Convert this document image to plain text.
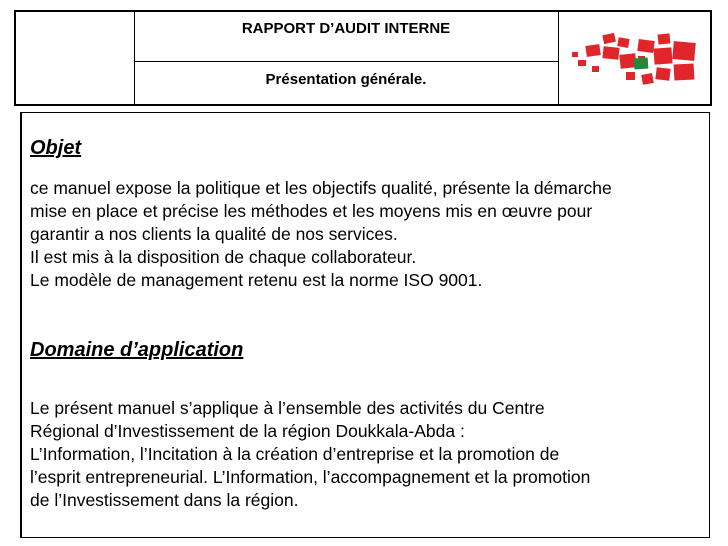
RAPPORT D’AUDIT INTERNE
Présentation générale.
Objet
ce manuel expose la politique et les objectifs qualité, présente la démarche
mise en place et précise les méthodes et les moyens mis en œuvre pour
garantir a nos clients la qualité de nos services.
Il est mis à la disposition de chaque collaborateur.
Le modèle de management retenu est la norme ISO 9001.
Domaine d’application
Le présent manuel s’applique à l’ensemble des activités du Centre
Régional d’Investissement de la région Doukkala-Abda :
L’Information, l’Incitation à la création d’entreprise et la promotion de
l’esprit entrepreneurial. L’Information, l’accompagnement et la promotion
de l’Investissement dans la région.
